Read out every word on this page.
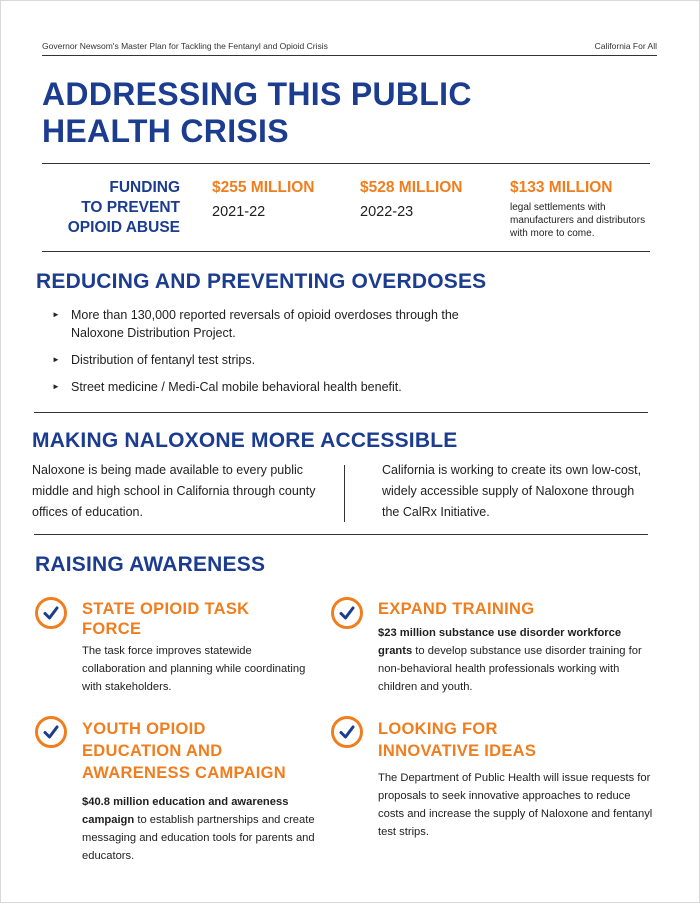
Governor Newsom's Master Plan for Tackling the Fentanyl and Opioid Crisis	California For All
ADDRESSING THIS PUBLIC HEALTH CRISIS
FUNDING
TO PREVENT
OPIOID ABUSE
$255 MILLION
2021-22
$528 MILLION
2022-23
$133 MILLION
legal settlements with manufacturers and distributors with more to come.
REDUCING AND PREVENTING OVERDOSES
► More than 130,000 reported reversals of opioid overdoses through the Naloxone Distribution Project.
► Distribution of fentanyl test strips.
► Street medicine / Medi-Cal mobile behavioral health benefit.
MAKING NALOXONE MORE ACCESSIBLE
Naloxone is being made available to every public middle and high school in California through county offices of education.
California is working to create its own low-cost, widely accessible supply of Naloxone through the CalRx Initiative.
RAISING AWARENESS
STATE OPIOID TASK
FORCE
The task force improves statewide collaboration and planning while coordinating with stakeholders.
EXPAND TRAINING
$23 million substance use disorder workforce grants to develop substance use disorder training for non-behavioral health professionals working with children and youth.
YOUTH OPIOID
EDUCATION AND
AWARENESS CAMPAIGN
$40.8 million education and awareness campaign to establish partnerships and create messaging and education tools for parents and educators.
LOOKING FOR
INNOVATIVE IDEAS
The Department of Public Health will issue requests for proposals to seek innovative approaches to reduce costs and increase the supply of Naloxone and fentanyl test strips.
